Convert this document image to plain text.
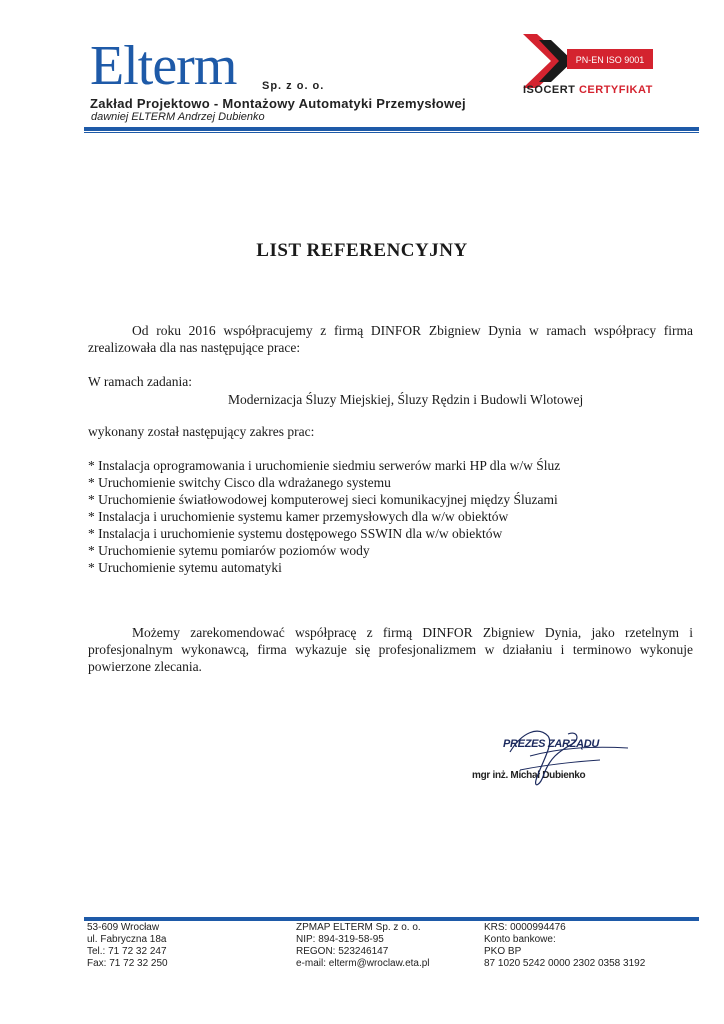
Elterm Sp. z o. o.
Zakład Projektowo - Montażowy Automatyki Przemysłowej
dawniej ELTERM Andrzej Dubienko
PN-EN ISO 9001
ISOCERT CERTYFIKAT
LIST REFERENCYJNY

Od roku 2016 współpracujemy z firmą DINFOR Zbigniew Dynia w ramach współpracy firma zrealizowała dla nas następujące prace:

W ramach zadania:
Modernizacja Śluzy Miejskiej, Śluzy Rędzin i Budowli Wlotowej
wykonany został następujący zakres prac:
* Instalacja oprogramowania i uruchomienie siedmiu serwerów marki HP dla w/w Śluz
* Uruchomienie switchy Cisco dla wdrażanego systemu
* Uruchomienie światłowodowej komputerowej sieci komunikacyjnej między Śluzami
* Instalacja i uruchomienie systemu kamer przemysłowych dla w/w obiektów
* Instalacja i uruchomienie systemu dostępowego SSWIN dla w/w obiektów
* Uruchomienie sytemu pomiarów poziomów wody
* Uruchomienie sytemu automatyki

Możemy zarekomendować współpracę z firmą DINFOR Zbigniew Dynia, jako rzetelnym i profesjonalnym wykonawcą, firma wykazuje się profesjonalizmem w działaniu i terminowo wykonuje powierzone zlecania.

PREZES ZARZĄDU
mgr inż. Michał Dubienko
53-609 Wrocław
ul. Fabryczna 18a
Tel.: 71 72 32 247
Fax: 71 72 32 250
ZPMAP ELTERM Sp. z o. o.
NIP: 894-319-58-95
REGON: 523246147
e-mail: elterm@wroclaw.eta.pl
KRS: 0000994476
Konto bankowe:
PKO BP
87 1020 5242 0000 2302 0358 3192
